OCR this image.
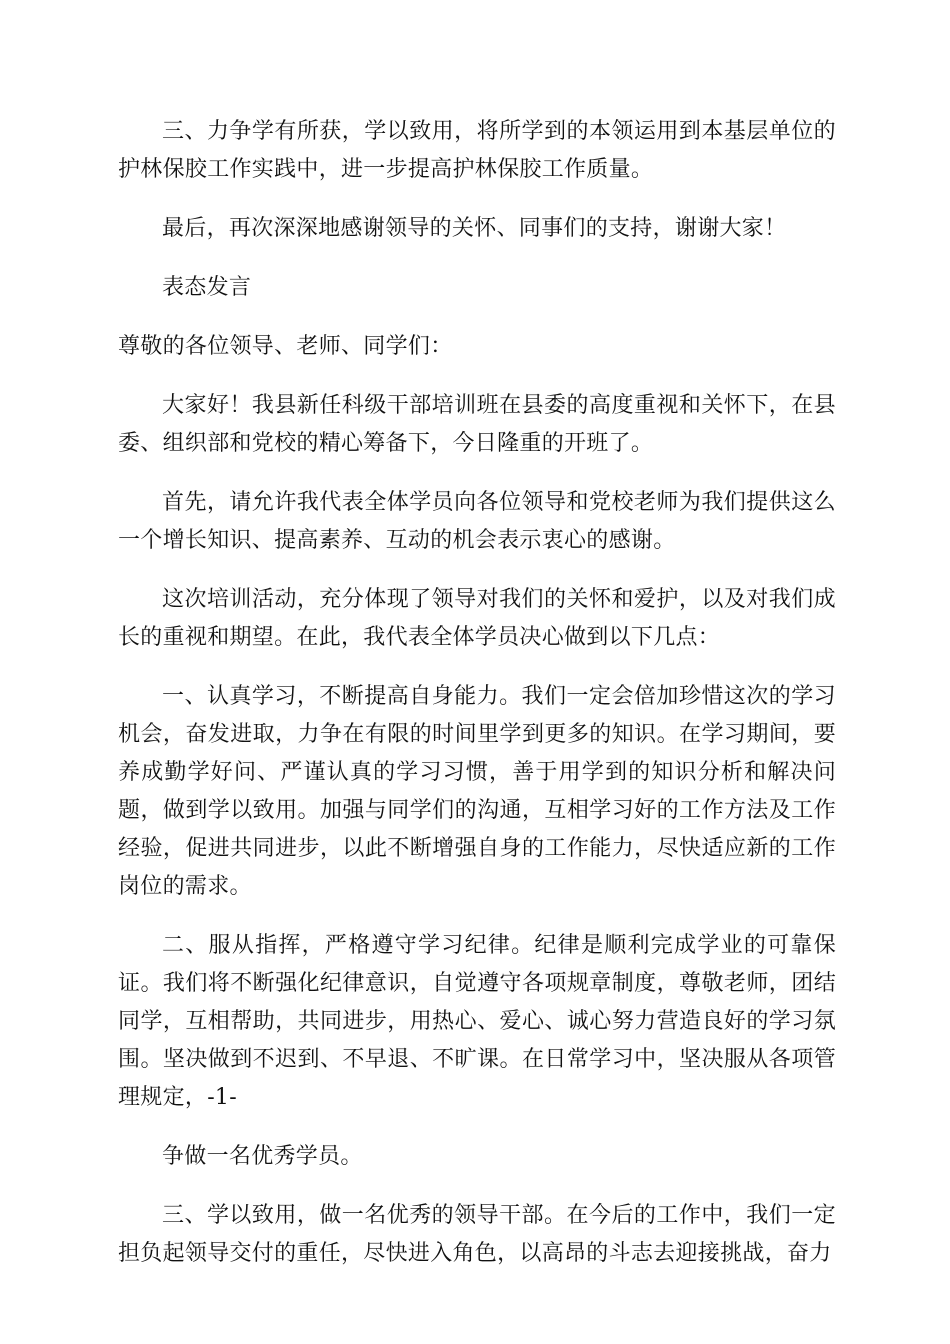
三、力争学有所获，学以致用，将所学到的本领运用到本基层单位的护林保胶工作实践中，进一步提高护林保胶工作质量。

最后，再次深深地感谢领导的关怀、同事们的支持，谢谢大家！

表态发言

尊敬的各位领导、老师、同学们：

大家好！我县新任科级干部培训班在县委的高度重视和关怀下，在县委、组织部和党校的精心筹备下，今日隆重的开班了。

首先，请允许我代表全体学员向各位领导和党校老师为我们提供这么一个增长知识、提高素养、互动的机会表示衷心的感谢。

这次培训活动，充分体现了领导对我们的关怀和爱护，以及对我们成长的重视和期望。在此，我代表全体学员决心做到以下几点：

一、认真学习，不断提高自身能力。我们一定会倍加珍惜这次的学习机会，奋发进取，力争在有限的时间里学到更多的知识。在学习期间，要养成勤学好问、严谨认真的学习习惯，善于用学到的知识分析和解决问题，做到学以致用。加强与同学们的沟通，互相学习好的工作方法及工作经验，促进共同进步，以此不断增强自身的工作能力，尽快适应新的工作岗位的需求。

二、服从指挥，严格遵守学习纪律。纪律是顺利完成学业的可靠保证。我们将不断强化纪律意识，自觉遵守各项规章制度，尊敬老师，团结同学，互相帮助，共同进步，用热心、爱心、诚心努力营造良好的学习氛围。坚决做到不迟到、不早退、不旷课。在日常学习中，坚决服从各项管理规定，-1-

争做一名优秀学员。

三、学以致用，做一名优秀的领导干部。在今后的工作中，我们一定担负起领导交付的重任，尽快进入角色，以高昂的斗志去迎接挑战，奋力
